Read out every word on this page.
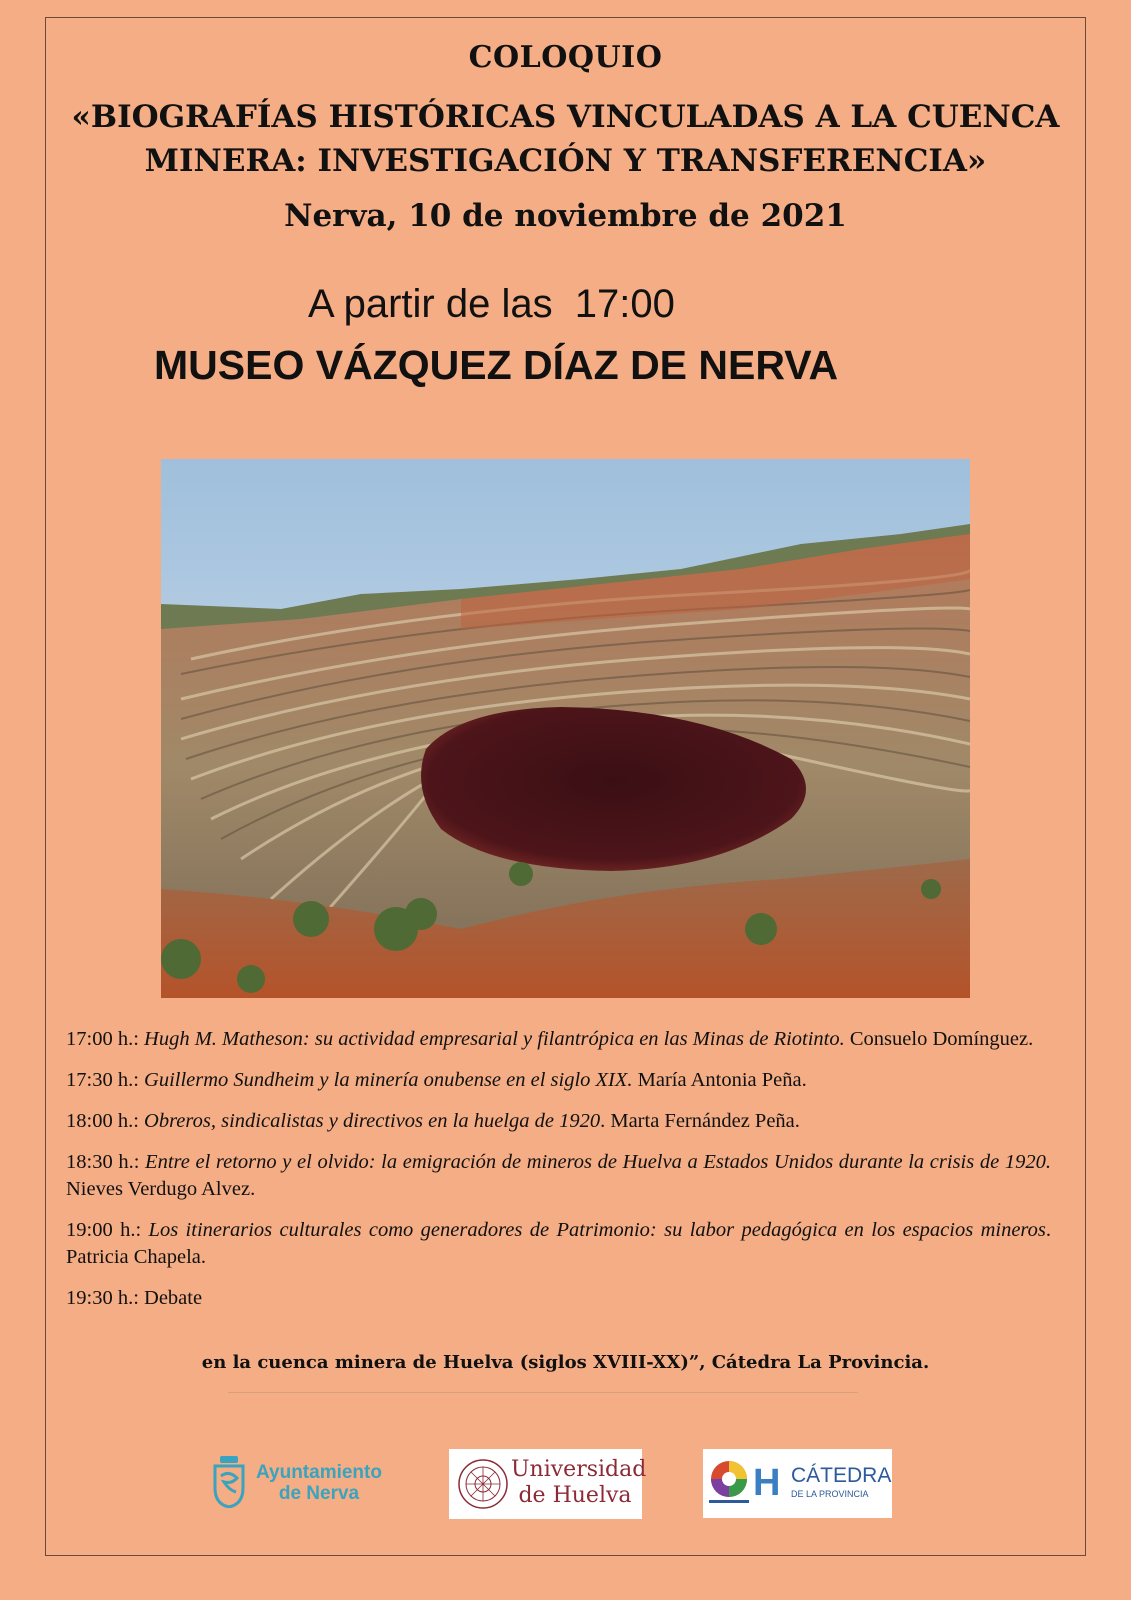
COLOQUIO
«BIOGRAFÍAS HISTÓRICAS VINCULADAS A LA CUENCA
MINERA: INVESTIGACIÓN Y TRANSFERENCIA»
Nerva, 10 de noviembre de 2021
A partir de las  17:00
MUSEO VÁZQUEZ DÍAZ DE NERVA
17:00 h.: Hugh M. Matheson: su actividad empresarial y filantrópica en las Minas de Riotinto. Consuelo Domínguez.
17:30 h.: Guillermo Sundheim y la minería onubense en el siglo XIX. María Antonia Peña.
18:00 h.: Obreros, sindicalistas y directivos en la huelga de 1920. Marta Fernández Peña.
18:30 h.: Entre el retorno y el olvido: la emigración de mineros de Huelva a Estados Unidos durante la crisis de 1920. Nieves Verdugo Alvez.
19:00 h.: Los itinerarios culturales como generadores de Patrimonio: su labor pedagógica en los espacios mineros. Patricia Chapela.
19:30 h.: Debate
en la cuenca minera de Huelva (siglos XVIII-XX)”, Cátedra La Provincia.
Ayuntamiento
de Nerva
Universidad
de Huelva	H CÁTEDRA
DE LA PROVINCIA
